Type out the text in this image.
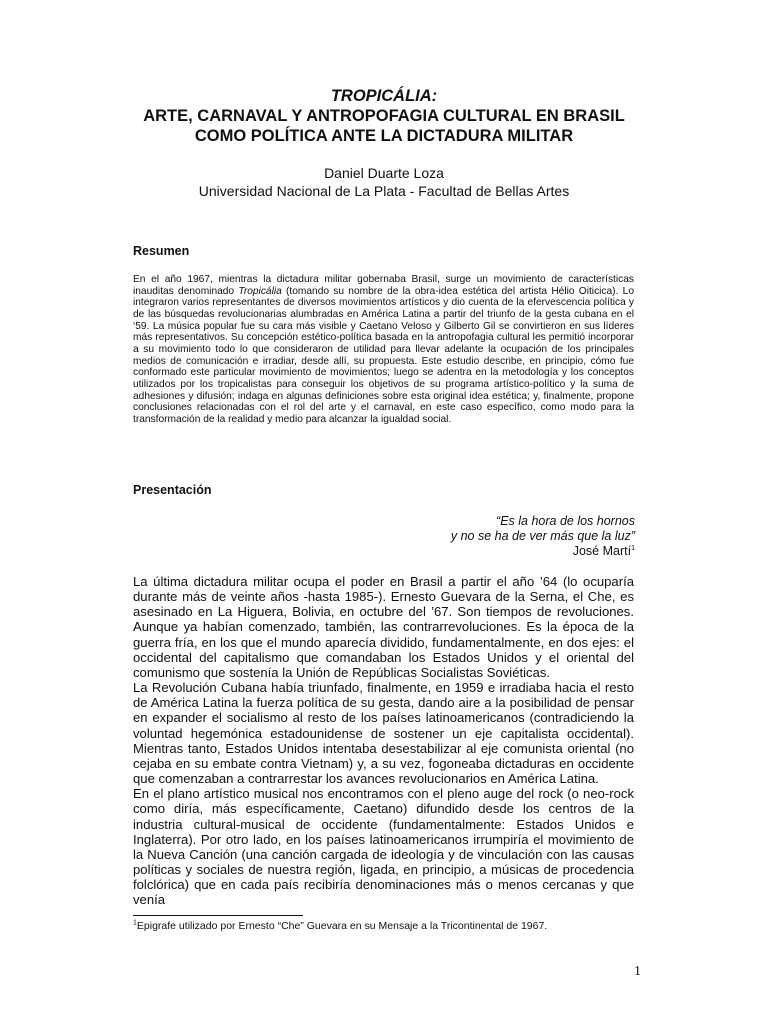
TROPICÁLIA:
ARTE, CARNAVAL Y ANTROPOFAGIA CULTURAL EN BRASIL
COMO POLÍTICA ANTE LA DICTADURA MILITAR
Daniel Duarte Loza
Universidad Nacional de La Plata - Facultad de Bellas Artes
Resumen
En el año 1967, mientras la dictadura militar gobernaba Brasil, surge un movimiento de características inauditas denominado Tropicália (tomando su nombre de la obra-idea estética del artista Hélio Oiticica). Lo integraron varios representantes de diversos movimientos artísticos y dio cuenta de la efervescencia política y de las búsquedas revolucionarias alumbradas en América Latina a partir del triunfo de la gesta cubana en el ‘59. La música popular fue su cara más visible y Caetano Veloso y Gilberto Gil se convirtieron en sus líderes más representativos. Su concepción estético-política basada en la antropofagia cultural les permitió incorporar a su movimiento todo lo que consideraron de utilidad para llevar adelante la ocupación de los principales medios de comunicación e irradiar, desde allí, su propuesta. Este estudio describe, en principio, cómo fue conformado este particular movimiento de movimientos; luego se adentra en la metodología y los conceptos utilizados por los tropicalistas para conseguir los objetivos de su programa artístico-político y la suma de adhesiones y difusión; indaga en algunas definiciones sobre esta original idea estética; y, finalmente, propone conclusiones relacionadas con el rol del arte y el carnaval, en este caso específico, como modo para la transformación de la realidad y medio para alcanzar la igualdad social.
Presentación
“Es la hora de los hornos
y no se ha de ver más que la luz”
José Martí$^1$

La última dictadura militar ocupa el poder en Brasil a partir el año ’64 (lo ocuparía durante más de veinte años -hasta 1985-). Ernesto Guevara de la Serna, el Che, es asesinado en La Higuera, Bolivia, en octubre del ’67. Son tiempos de revoluciones. Aunque ya habían comenzado, también, las contrarrevoluciones. Es la época de la guerra fría, en los que el mundo aparecía dividido, fundamentalmente, en dos ejes: el occidental del capitalismo que comandaban los Estados Unidos y el oriental del comunismo que sostenía la Unión de Repúblicas Socialistas Soviéticas.

La Revolución Cubana había triunfado, finalmente, en 1959 e irradiaba hacia el resto de América Latina la fuerza política de su gesta, dando aire a la posibilidad de pensar en expander el socialismo al resto de los países latinoamericanos (contradiciendo la voluntad hegemónica estadounidense de sostener un eje capitalista occidental). Mientras tanto, Estados Unidos intentaba desestabilizar al eje comunista oriental (no cejaba en su embate contra Vietnam) y, a su vez, fogoneaba dictaduras en occidente que comenzaban a contrarrestar los avances revolucionarios en América Latina.

En el plano artístico musical nos encontramos con el pleno auge del rock (o neo-rock como diría, más específicamente, Caetano) difundido desde los centros de la industria cultural-musical de occidente (fundamentalmente: Estados Unidos e Inglaterra). Por otro lado, en los países latinoamericanos irrumpiría el movimiento de la Nueva Canción (una canción cargada de ideología y de vinculación con las causas políticas y sociales de nuestra región, ligada, en principio, a músicas de procedencia folclórica) que en cada país recibiría denominaciones más o menos cercanas y que venía

$^1$Epigrafe utilizado por Ernesto “Che” Guevara en su Mensaje a la Tricontinental de 1967.
1
